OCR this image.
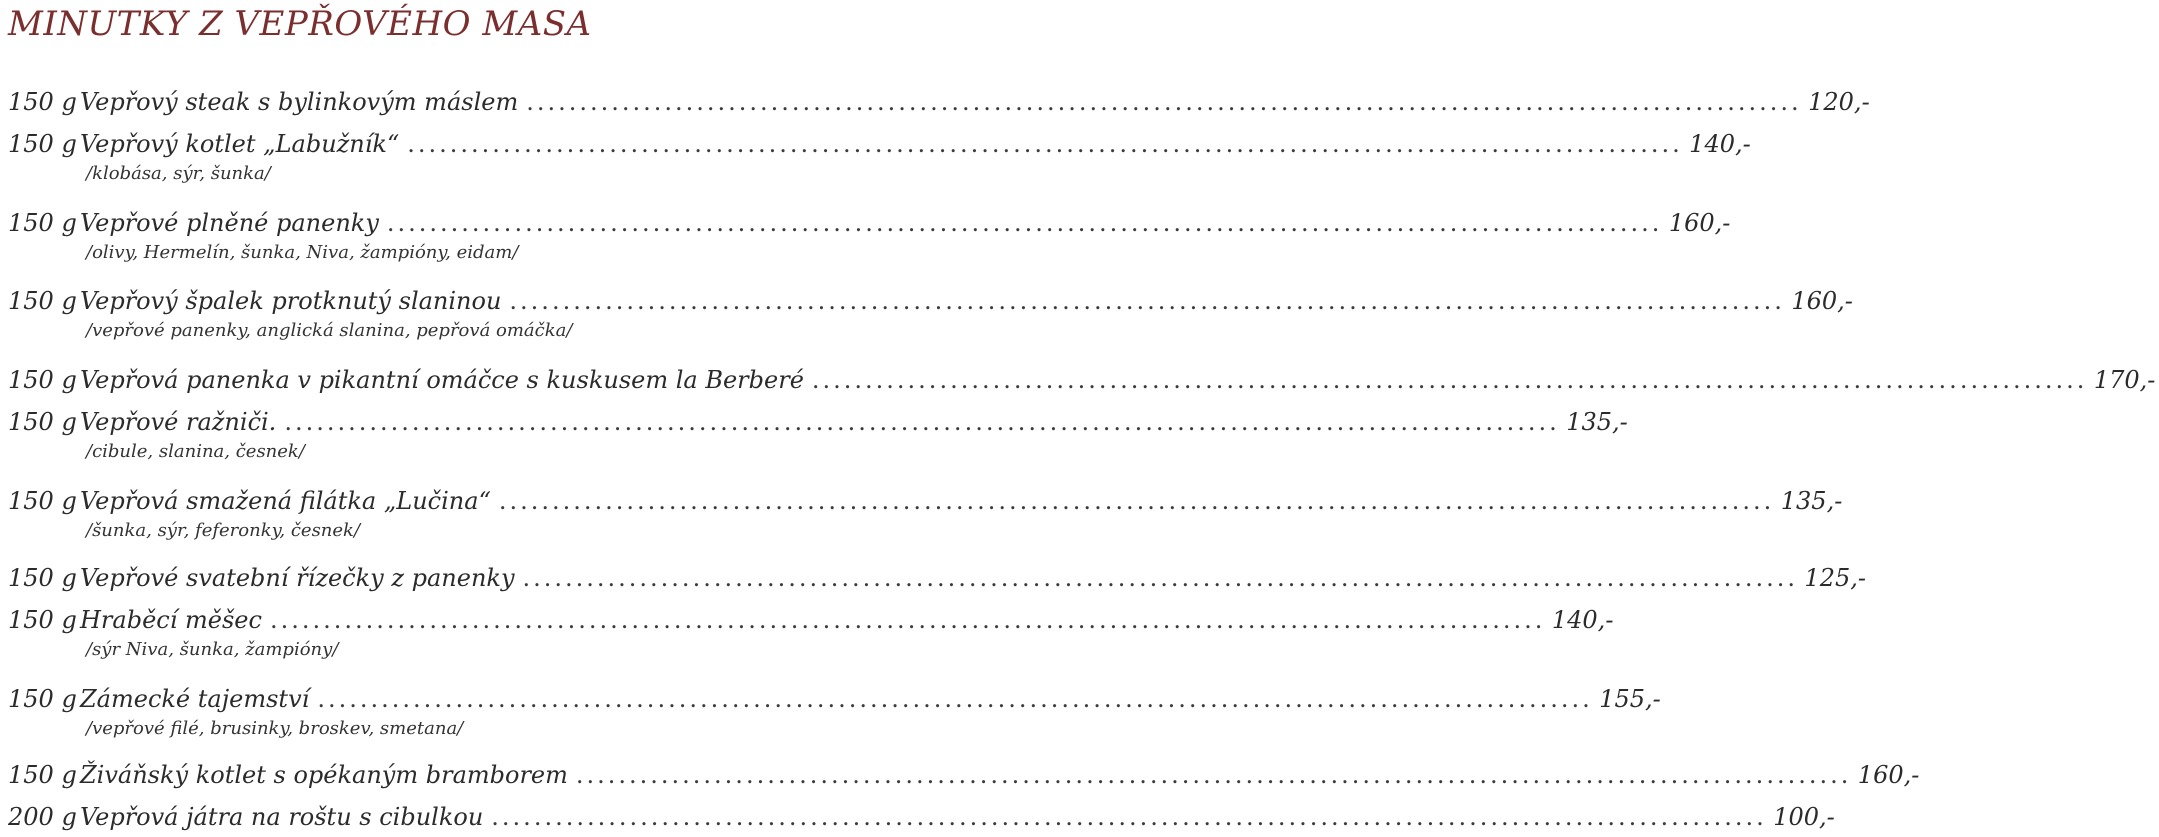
MINUTKY Z VEPŘOVÉHO MASA
150 g Vepřový steak s bylinkovým máslem ........................................................................................................................ 120,-
150 g Vepřový kotlet „Labužník“ ........................................................................................................................ 140,-
/klobása, sýr, šunka/
150 g Vepřové plněné panenky ........................................................................................................................ 160,-
/olivy, Hermelín, šunka, Niva, žampióny, eidam/
150 g Vepřový špalek protknutý slaninou ........................................................................................................................ 160,-
/vepřové panenky, anglická slanina, pepřová omáčka/
150 g Vepřová panenka v pikantní omáčce s kuskusem la Berberé ........................................................................................................................ 170,-
150 g Vepřové ražniči. ........................................................................................................................ 135,-
/cibule, slanina, česnek/
150 g Vepřová smažená filátka „Lučina“ ........................................................................................................................ 135,-
/šunka, sýr, feferonky, česnek/
150 g Vepřové svatební řízečky z panenky ........................................................................................................................ 125,-
150 g Hraběcí měšec ........................................................................................................................ 140,-
/sýr Niva, šunka, žampióny/
150 g Zámecké tajemství ........................................................................................................................ 155,-
/vepřové filé, brusinky, broskev, smetana/
150 g Živáňský kotlet s opékaným bramborem ........................................................................................................................ 160,-
200 g Vepřová játra na roštu s cibulkou ........................................................................................................................ 100,-
